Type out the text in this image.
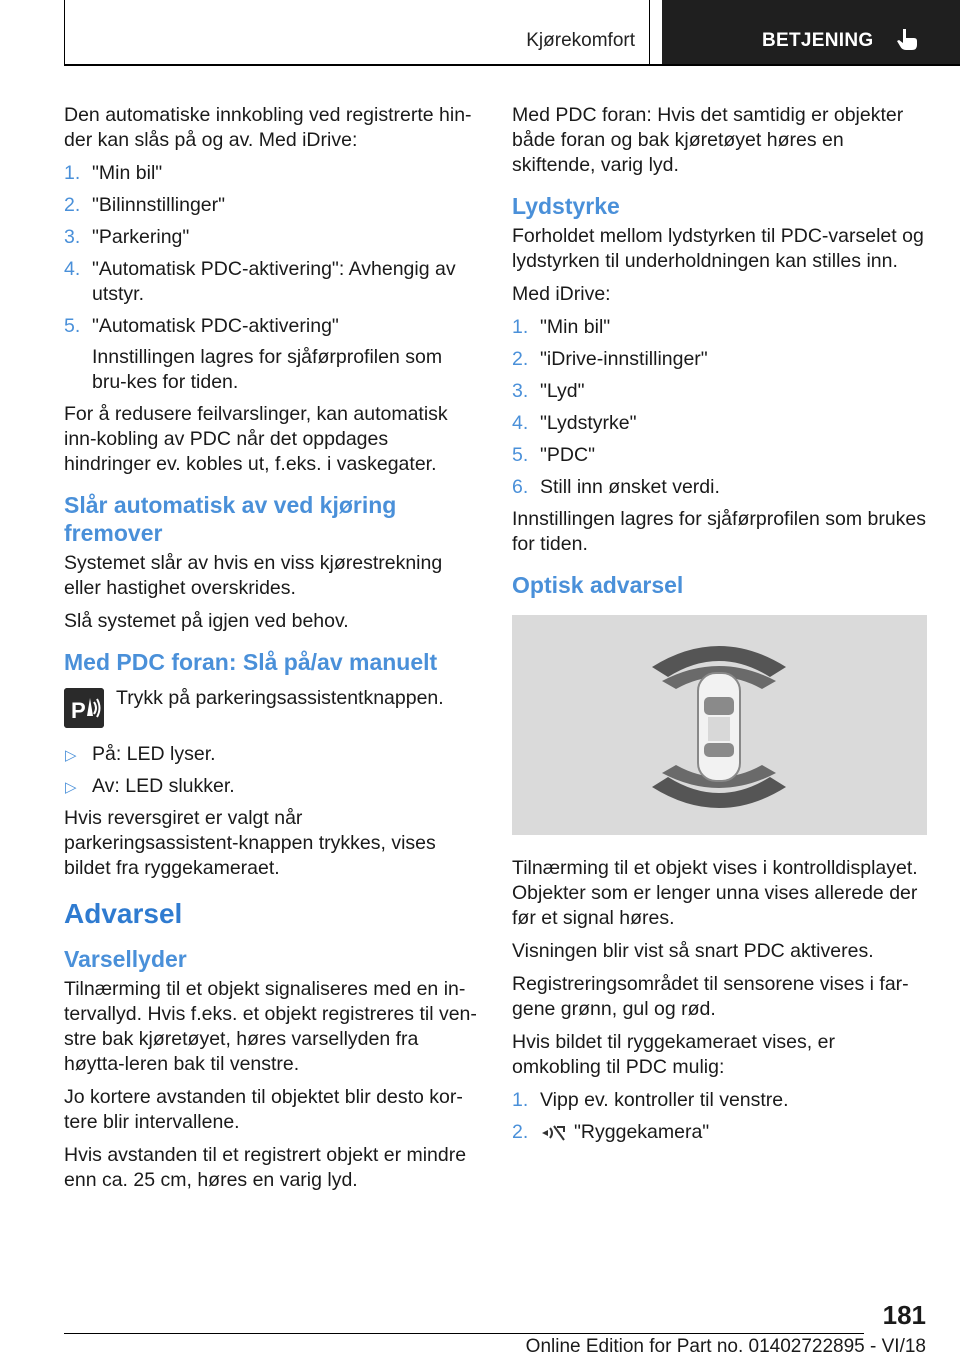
Kjørekomfort	BETJENING

Den automatiske innkobling ved registrerte hin-der kan slås på og av. Med iDrive:

1. "Min bil"
2. "Bilinnstillinger"
3. "Parkering"
4. "Automatisk PDC-aktivering": Avhengig av utstyr.
5. "Automatisk PDC-aktivering"
Innstillingen lagres for sjåførprofilen som bru-kes for tiden.

For å redusere feilvarslinger, kan automatisk inn-kobling av PDC når det oppdages hindringer ev. kobles ut, f.eks. i vaskegater.

Slår automatisk av ved kjøring fremover

Systemet slår av hvis en viss kjørestrekning eller hastighet overskrides.

Slå systemet på igjen ved behov.

Med PDC foran: Slå på/av manuelt
P Trykk på parkeringsassistentknappen.
▷ På: LED lyser.
▷ Av: LED slukker.

Hvis reversgiret er valgt når parkeringsassistent-knappen trykkes, vises bildet fra ryggekameraet.

Advarsel
Varsellyder

Tilnærming til et objekt signaliseres med en in-tervallyd. Hvis f.eks. et objekt registreres til ven-stre bak kjøretøyet, høres varsellyden fra høytta-leren bak til venstre.

Jo kortere avstanden til objektet blir desto kor-tere blir intervallene.

Hvis avstanden til et registrert objekt er mindre enn ca. 25 cm, høres en varig lyd.

Med PDC foran: Hvis det samtidig er objekter både foran og bak kjøretøyet høres en skiftende, varig lyd.

Lydstyrke

Forholdet mellom lydstyrken til PDC-varselet og lydstyrken til underholdningen kan stilles inn.

Med iDrive:

1. "Min bil"
2. "iDrive-innstillinger"
3. "Lyd"
4. "Lydstyrke"
5. "PDC"
6. Still inn ønsket verdi.

Innstillingen lagres for sjåførprofilen som brukes for tiden.

Optisk advarsel

Tilnærming til et objekt vises i kontrolldisplayet. Objekter som er lenger unna vises allerede der før et signal høres.

Visningen blir vist så snart PDC aktiveres.

Registreringsområdet til sensorene vises i far-gene grønn, gul og rød.

Hvis bildet til ryggekameraet vises, er omkobling til PDC mulig:

1. Vipp ev. kontroller til venstre.
2. "Ryggekamera"
181
Online Edition for Part no. 01402722895 - VI/18
